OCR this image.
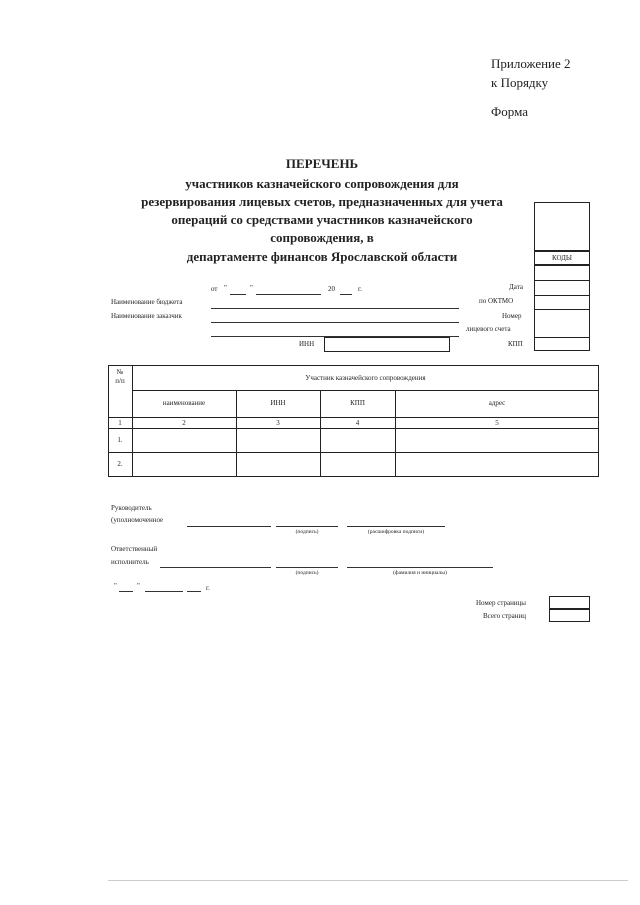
Приложение 2
к Порядку
Форма
ПЕРЕЧЕНЬ
участников казначейского сопровождения для
резервирования лицевых счетов, предназначенных для учета
операций со средствами участников казначейского
сопровождения, в
департаменте финансов Ярославской области	КОДЫ
Дата
по ОКТМО
Номер
лицевого счета
КПП
от "	"	20	г.
Наименование бюджета
Наименование заказчик
ИНН
№
п/п	Участник казначейского сопровождения
наименование	ИНН	КПП	адрес
1	2	3	4	5
1.
2.
Руководитель
(уполномоченное
(подпись)	(расшифровка подписи)
Ответственный
исполнитель
(подпись)	(фамилия и инициалы)
"	"	г.
Номер страницы
Всего страниц
